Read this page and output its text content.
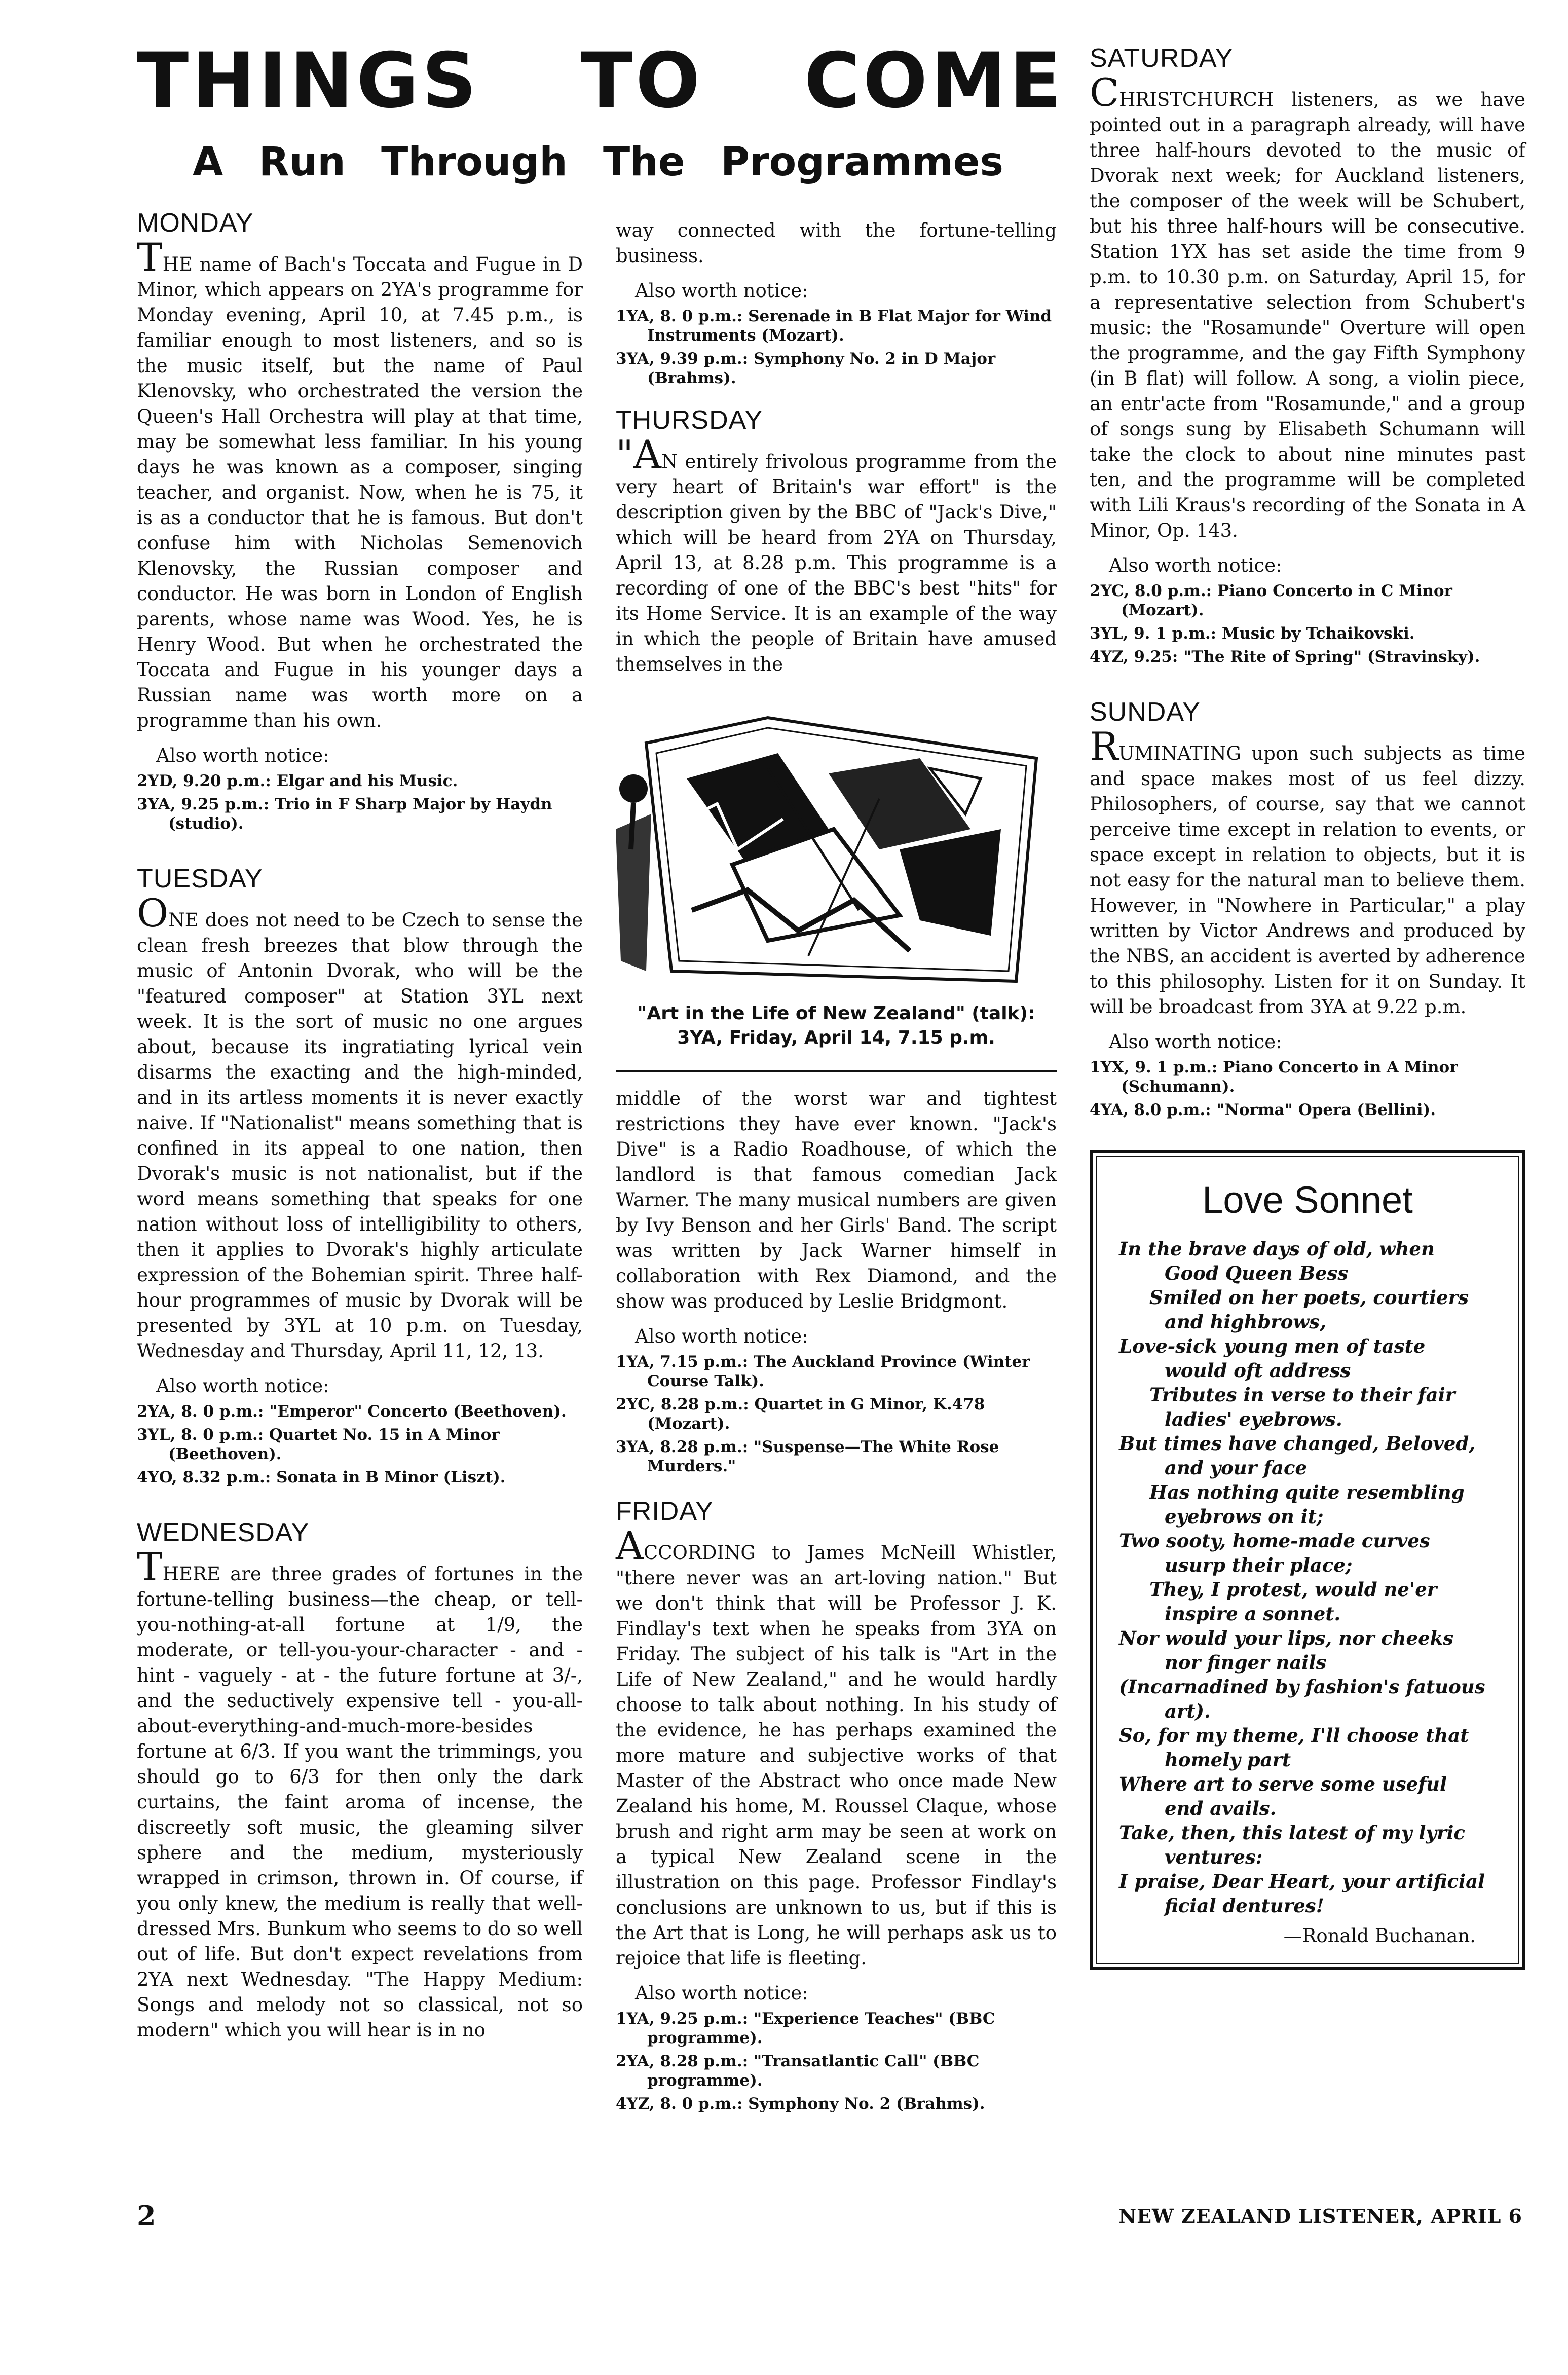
THINGS TO COME
A Run Through The Programmes
MONDAY

THE name of Bach's Toccata and Fugue in D Minor, which appears on 2YA's programme for Monday evening, April 10, at 7.45 p.m., is familiar enough to most listeners, and so is the music itself, but the name of Paul Klenovsky, who orchestrated the version the Queen's Hall Orchestra will play at that time, may be somewhat less familiar. In his young days he was known as a composer, singing teacher, and organist. Now, when he is 75, it is as a conductor that he is famous. But don't confuse him with Nicholas Semenovich Klenovsky, the Russian composer and conductor. He was born in London of English parents, whose name was Wood. Yes, he is Henry Wood. But when he orchestrated the Toccata and Fugue in his younger days a Russian name was worth more on a programme than his own.

Also worth notice:
2YD, 9.20 p.m.: Elgar and his Music.
3YA, 9.25 p.m.: Trio in F Sharp Major by Haydn (studio).
TUESDAY

ONE does not need to be Czech to sense the clean fresh breezes that blow through the music of Antonin Dvorak, who will be the "featured composer" at Station 3YL next week. It is the sort of music no one argues about, because its ingratiating lyrical vein disarms the exacting and the high-minded, and in its artless moments it is never exactly naive. If "Nationalist" means something that is confined in its appeal to one nation, then Dvorak's music is not nationalist, but if the word means something that speaks for one nation without loss of intelligibility to others, then it applies to Dvorak's highly articulate expression of the Bohemian spirit. Three half-hour programmes of music by Dvorak will be presented by 3YL at 10 p.m. on Tuesday, Wednesday and Thursday, April 11, 12, 13.

Also worth notice:
2YA, 8. 0 p.m.: "Emperor" Concerto (Beethoven).
3YL, 8. 0 p.m.: Quartet No. 15 in A Minor (Beethoven).
4YO, 8.32 p.m.: Sonata in B Minor (Liszt).
WEDNESDAY

THERE are three grades of fortunes in the fortune-telling business—the cheap, or tell-you-nothing-at-all fortune at 1/9, the moderate, or tell-you-your-character - and - hint - vaguely - at - the future fortune at 3/-, and the seductively expensive tell - you-all-about-everything-and-much-more-besides fortune at 6/3. If you want the trimmings, you should go to 6/3 for then only the dark curtains, the faint aroma of incense, the discreetly soft music, the gleaming silver sphere and the medium, mysteriously wrapped in crimson, thrown in. Of course, if you only knew, the medium is really that well-dressed Mrs. Bunkum who seems to do so well out of life. But don't expect revelations from 2YA next Wednesday. "The Happy Medium: Songs and melody not so classical, not so modern" which you will hear is in no

way connected with the fortune-telling business.
Also worth notice:
1YA, 8. 0 p.m.: Serenade in B Flat Major for Wind Instruments (Mozart).
3YA, 9.39 p.m.: Symphony No. 2 in D Major (Brahms).
THURSDAY

"AN entirely frivolous programme from the very heart of Britain's war effort" is the description given by the BBC of "Jack's Dive," which will be heard from 2YA on Thursday, April 13, at 8.28 p.m. This programme is a recording of one of the BBC's best "hits" for its Home Service. It is an example of the way in which the people of Britain have amused themselves in the

"Art in the Life of New Zealand" (talk):
3YA, Friday, April 14, 7.15 p.m.
middle of the worst war and tightest restrictions they have ever known. "Jack's Dive" is a Radio Roadhouse, of which the landlord is that famous comedian Jack Warner. The many musical numbers are given by Ivy Benson and her Girls' Band. The script was written by Jack Warner himself in collaboration with Rex Diamond, and the show was produced by Leslie Bridgmont.
Also worth notice:
1YA, 7.15 p.m.: The Auckland Province (Winter Course Talk).
2YC, 8.28 p.m.: Quartet in G Minor, K.478 (Mozart).
3YA, 8.28 p.m.: "Suspense—The White Rose Murders."
FRIDAY

ACCORDING to James McNeill Whistler, "there never was an art-loving nation." But we don't think that will be Professor J. K. Findlay's text when he speaks from 3YA on Friday. The subject of his talk is "Art in the Life of New Zealand," and he would hardly choose to talk about nothing. In his study of the evidence, he has perhaps examined the more mature and subjective works of that Master of the Abstract who once made New Zealand his home, M. Roussel Claque, whose brush and right arm may be seen at work on a typical New Zealand scene in the illustration on this page. Professor Findlay's conclusions are unknown to us, but if this is the Art that is Long, he will perhaps ask us to rejoice that life is fleeting.

Also worth notice:
1YA, 9.25 p.m.: "Experience Teaches" (BBC programme).
2YA, 8.28 p.m.: "Transatlantic Call" (BBC programme).
4YZ, 8. 0 p.m.: Symphony No. 2 (Brahms).
SATURDAY

CHRISTCHURCH listeners, as we have pointed out in a paragraph already, will have three half-hours devoted to the music of Dvorak next week; for Auckland listeners, the composer of the week will be Schubert, but his three half-hours will be consecutive. Station 1YX has set aside the time from 9 p.m. to 10.30 p.m. on Saturday, April 15, for a representative selection from Schubert's music: the "Rosamunde" Overture will open the programme, and the gay Fifth Symphony (in B flat) will follow. A song, a violin piece, an entr'acte from "Rosamunde," and a group of songs sung by Elisabeth Schumann will take the clock to about nine minutes past ten, and the programme will be completed with Lili Kraus's recording of the Sonata in A Minor, Op. 143.

Also worth notice:
2YC, 8.0 p.m.: Piano Concerto in C Minor (Mozart).
3YL, 9. 1 p.m.: Music by Tchaikovski.
4YZ, 9.25: "The Rite of Spring" (Stravinsky).
SUNDAY

RUMINATING upon such subjects as time and space makes most of us feel dizzy. Philosophers, of course, say that we cannot perceive time except in relation to events, or space except in relation to objects, but it is not easy for the natural man to believe them. However, in "Nowhere in Particular," a play written by Victor Andrews and produced by the NBS, an accident is averted by adherence to this philosophy. Listen for it on Sunday. It will be broadcast from 3YA at 9.22 p.m.

Also worth notice:
1YX, 9. 1 p.m.: Piano Concerto in A Minor (Schumann).
4YA, 8.0 p.m.: "Norma" Opera (Bellini).
Love Sonnet
In the brave days of old, when
Good Queen Bess
Smiled on her poets, courtiers
and highbrows,
Love-sick young men of taste
would oft address
Tributes in verse to their fair
ladies' eyebrows.
But times have changed, Beloved,
and your face
Has nothing quite resembling
eyebrows on it;
Two sooty, home-made curves
usurp their place;
They, I protest, would ne'er
inspire a sonnet.
Nor would your lips, nor cheeks
nor finger nails
(Incarnadined by fashion's fatuous
art).
So, for my theme, I'll choose that
homely part
Where art to serve some useful
end avails.
Take, then, this latest of my lyric
ventures:
I praise, Dear Heart, your artificial
ficial dentures!
—Ronald Buchanan.
2	NEW ZEALAND LISTENER, APRIL 6
